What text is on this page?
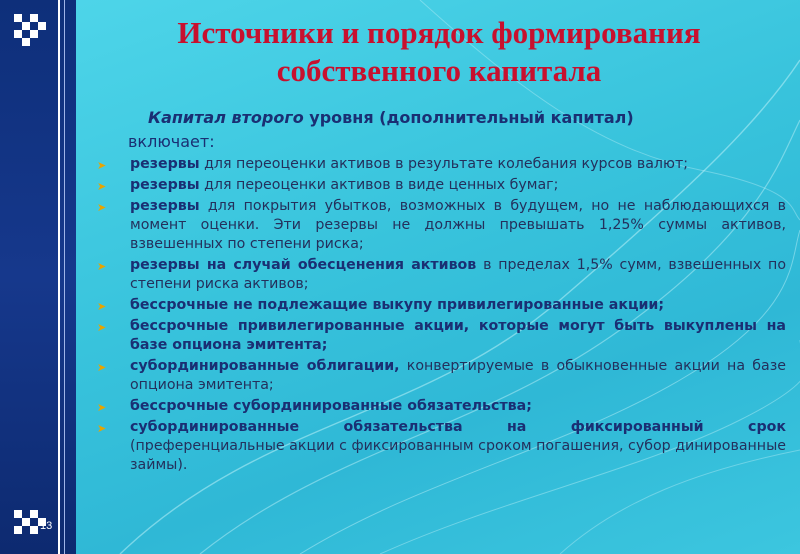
13
Источники и порядок формирования
собственного капитала
Капитал второго уровня (дополнительный капитал)
включает:
➤ резервы для переоценки активов в результате колебания курсов валют;
➤ резервы для переоценки активов в виде ценных бумаг;
➤ резервы для покрытия убытков, возможных в будущем, но не наблюдающихся в момент оценки. Эти резервы не должны превышать 1,25% суммы активов, взвешенных по степени риска;
➤ резервы на случай обесценения активов в пределах 1,5% сумм, взвешенных по степени риска активов;
➤ бессрочные не подлежащие выкупу привилегированные акции;
➤ бессрочные привилегированные акции, которые могут быть выкуплены на базе опциона эмитента;
➤ субординированные облигации, конвертируемые в обыкновенные акции на базе опциона эмитента;
➤ бессрочные субординированные обязательства;
➤ субординированные обязательства на фиксированный срок (преференциальные акции с фиксированным сроком погашения, субор динированные займы).
